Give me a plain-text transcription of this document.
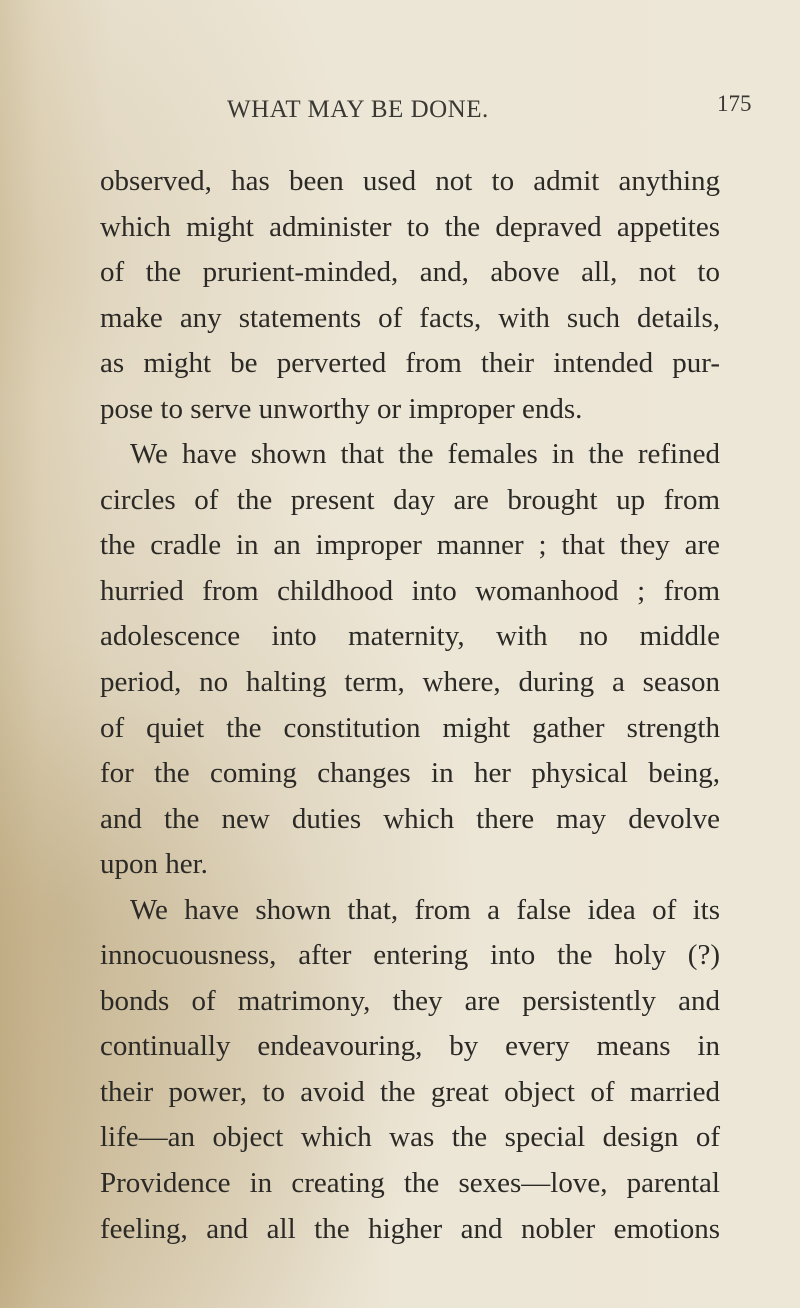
WHAT MAY BE DONE.	175
observed, has been used not to admit anything
which might administer to the depraved appetites
of the prurient-minded, and, above all, not to
make any statements of facts, with such details,
as might be perverted from their intended pur-
pose to serve unworthy or improper ends.
We have shown that the females in the refined
circles of the present day are brought up from
the cradle in an improper manner ; that they are
hurried from childhood into womanhood ; from
adolescence into maternity, with no middle
period, no halting term, where, during a season
of quiet the constitution might gather strength
for the coming changes in her physical being,
and the new duties which there may devolve
upon her.
We have shown that, from a false idea of its
innocuousness, after entering into the holy (?)
bonds of matrimony, they are persistently and
continually endeavouring, by every means in
their power, to avoid the great object of married
life—an object which was the special design of
Providence in creating the sexes—love, parental
feeling, and all the higher and nobler emotions
